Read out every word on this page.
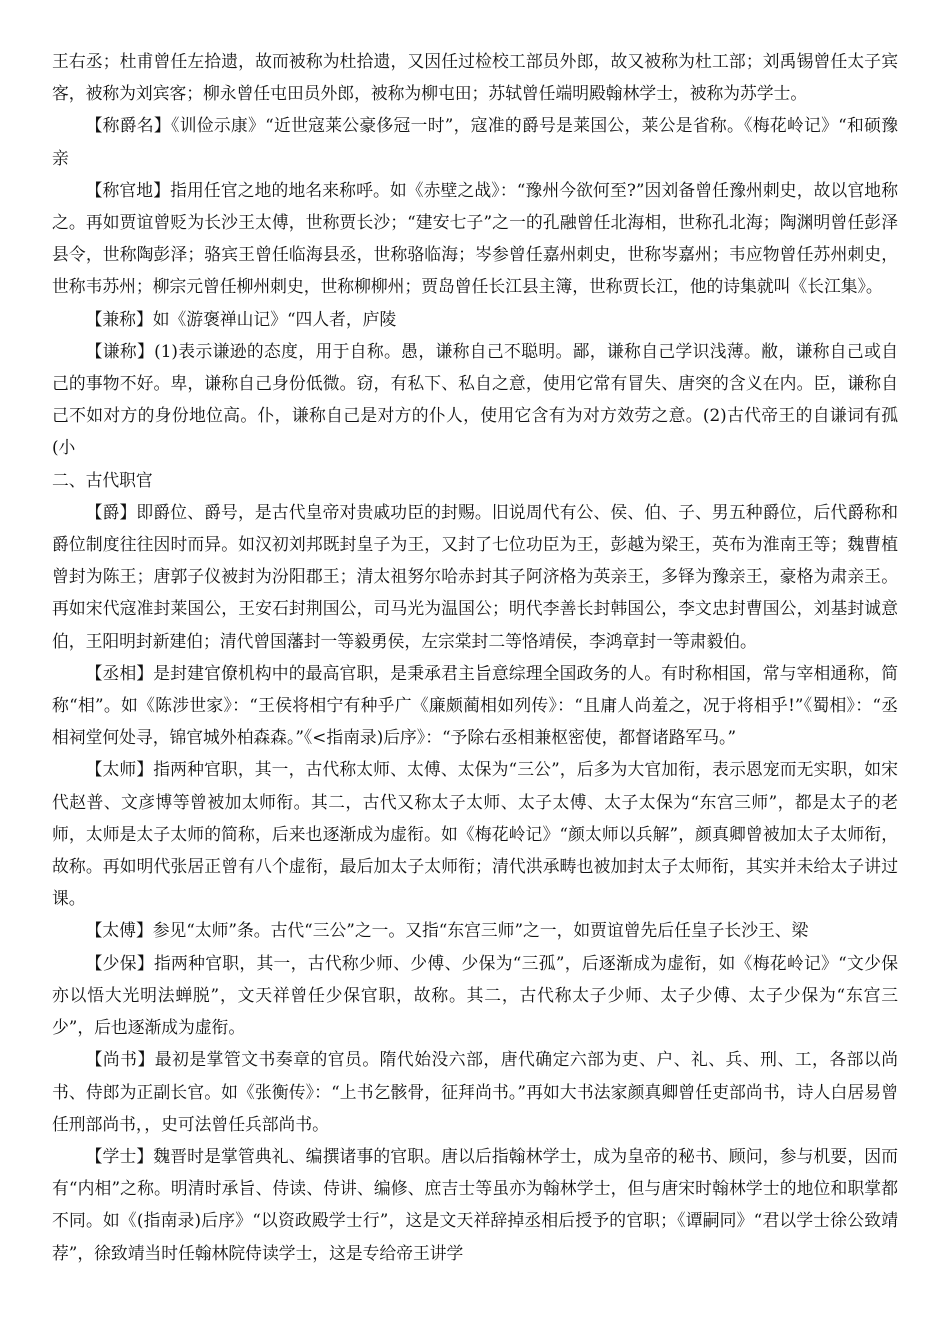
王右丞；杜甫曾任左拾遗，故而被称为杜拾遗，又因任过检校工部员外郎，故又被称为杜工部；刘禹锡曾任太子宾客，被称为刘宾客；柳永曾任屯田员外郎，被称为柳屯田；苏轼曾任端明殿翰林学士，被称为苏学士。

【称爵名】《训俭示康》“近世寇莱公豪侈冠一时”，寇准的爵号是莱国公，莱公是省称。《梅花岭记》“和硕豫亲

【称官地】指用任官之地的地名来称呼。如《赤壁之战》：“豫州今欲何至?”因刘备曾任豫州刺史，故以官地称之。再如贾谊曾贬为长沙王太傅，世称贾长沙；“建安七子”之一的孔融曾任北海相，世称孔北海；陶渊明曾任彭泽县令，世称陶彭泽；骆宾王曾任临海县丞，世称骆临海；岑参曾任嘉州刺史，世称岑嘉州；韦应物曾任苏州刺史，世称韦苏州；柳宗元曾任柳州刺史，世称柳柳州；贾岛曾任长江县主簿，世称贾长江，他的诗集就叫《长江集》。

【兼称】如《游褒禅山记》“四人者，庐陵

【谦称】(1)表示谦逊的态度，用于自称。愚，谦称自己不聪明。鄙，谦称自己学识浅薄。敝，谦称自己或自己的事物不好。卑，谦称自己身份低微。窃，有私下、私自之意，使用它常有冒失、唐突的含义在内。臣，谦称自己不如对方的身份地位高。仆，谦称自己是对方的仆人，使用它含有为对方效劳之意。(2)古代帝王的自谦词有孤(小

二、古代职官

【爵】即爵位、爵号，是古代皇帝对贵戚功臣的封赐。旧说周代有公、侯、伯、子、男五种爵位，后代爵称和爵位制度往往因时而异。如汉初刘邦既封皇子为王，又封了七位功臣为王，彭越为梁王，英布为淮南王等；魏曹植曾封为陈王；唐郭子仪被封为汾阳郡王；清太祖努尔哈赤封其子阿济格为英亲王，多铎为豫亲王，豪格为肃亲王。再如宋代寇准封莱国公，王安石封荆国公，司马光为温国公；明代李善长封韩国公，李文忠封曹国公，刘基封诚意伯，王阳明封新建伯；清代曾国藩封一等毅勇侯，左宗棠封二等恪靖侯，李鸿章封一等肃毅伯。

【丞相】是封建官僚机构中的最高官职，是秉承君主旨意综理全国政务的人。有时称相国，常与宰相通称，简称“相”。如《陈涉世家》：“王侯将相宁有种乎广《廉颇蔺相如列传》：“且庸人尚羞之，况于将相乎!”《蜀相》：“丞相祠堂何处寻，锦官城外柏森森。”《<指南录)后序》：“予除右丞相兼枢密使，都督诸路军马。”

【太师】指两种官职，其一，古代称太师、太傅、太保为“三公”，后多为大官加衔，表示恩宠而无实职，如宋代赵普、文彦博等曾被加太师衔。其二，古代又称太子太师、太子太傅、太子太保为“东宫三师”，都是太子的老师，太师是太子太师的简称，后来也逐渐成为虚衔。如《梅花岭记》“颜太师以兵解”，颜真卿曾被加太子太师衔，故称。再如明代张居正曾有八个虚衔，最后加太子太师衔；清代洪承畴也被加封太子太师衔，其实并未给太子讲过课。

【太傅】参见“太师”条。古代“三公”之一。又指“东宫三师”之一，如贾谊曾先后任皇子长沙王、梁

【少保】指两种官职，其一，古代称少师、少傅、少保为“三孤”，后逐渐成为虚衔，如《梅花岭记》“文少保亦以悟大光明法蝉脱”，文天祥曾任少保官职，故称。其二，古代称太子少师、太子少傅、太子少保为“东宫三少”，后也逐渐成为虚衔。

【尚书】最初是掌管文书奏章的官员。隋代始没六部，唐代确定六部为吏、户、礼、兵、刑、工，各部以尚书、侍郎为正副长官。如《张衡传》：“上书乞骸骨，征拜尚书。”再如大书法家颜真卿曾任吏部尚书，诗人白居易曾任刑部尚书，，史可法曾任兵部尚书。

【学士】魏晋时是掌管典礼、编撰诸事的官职。唐以后指翰林学士，成为皇帝的秘书、顾问，参与机要，因而有“内相”之称。明清时承旨、侍读、侍讲、编修、庶吉士等虽亦为翰林学士，但与唐宋时翰林学士的地位和职掌都不同。如《(指南录)后序》“以资政殿学士行”，这是文天祥辞掉丞相后授予的官职；《谭嗣同》“君以学士徐公致靖荐”，徐致靖当时任翰林院侍读学士，这是专给帝王讲学
